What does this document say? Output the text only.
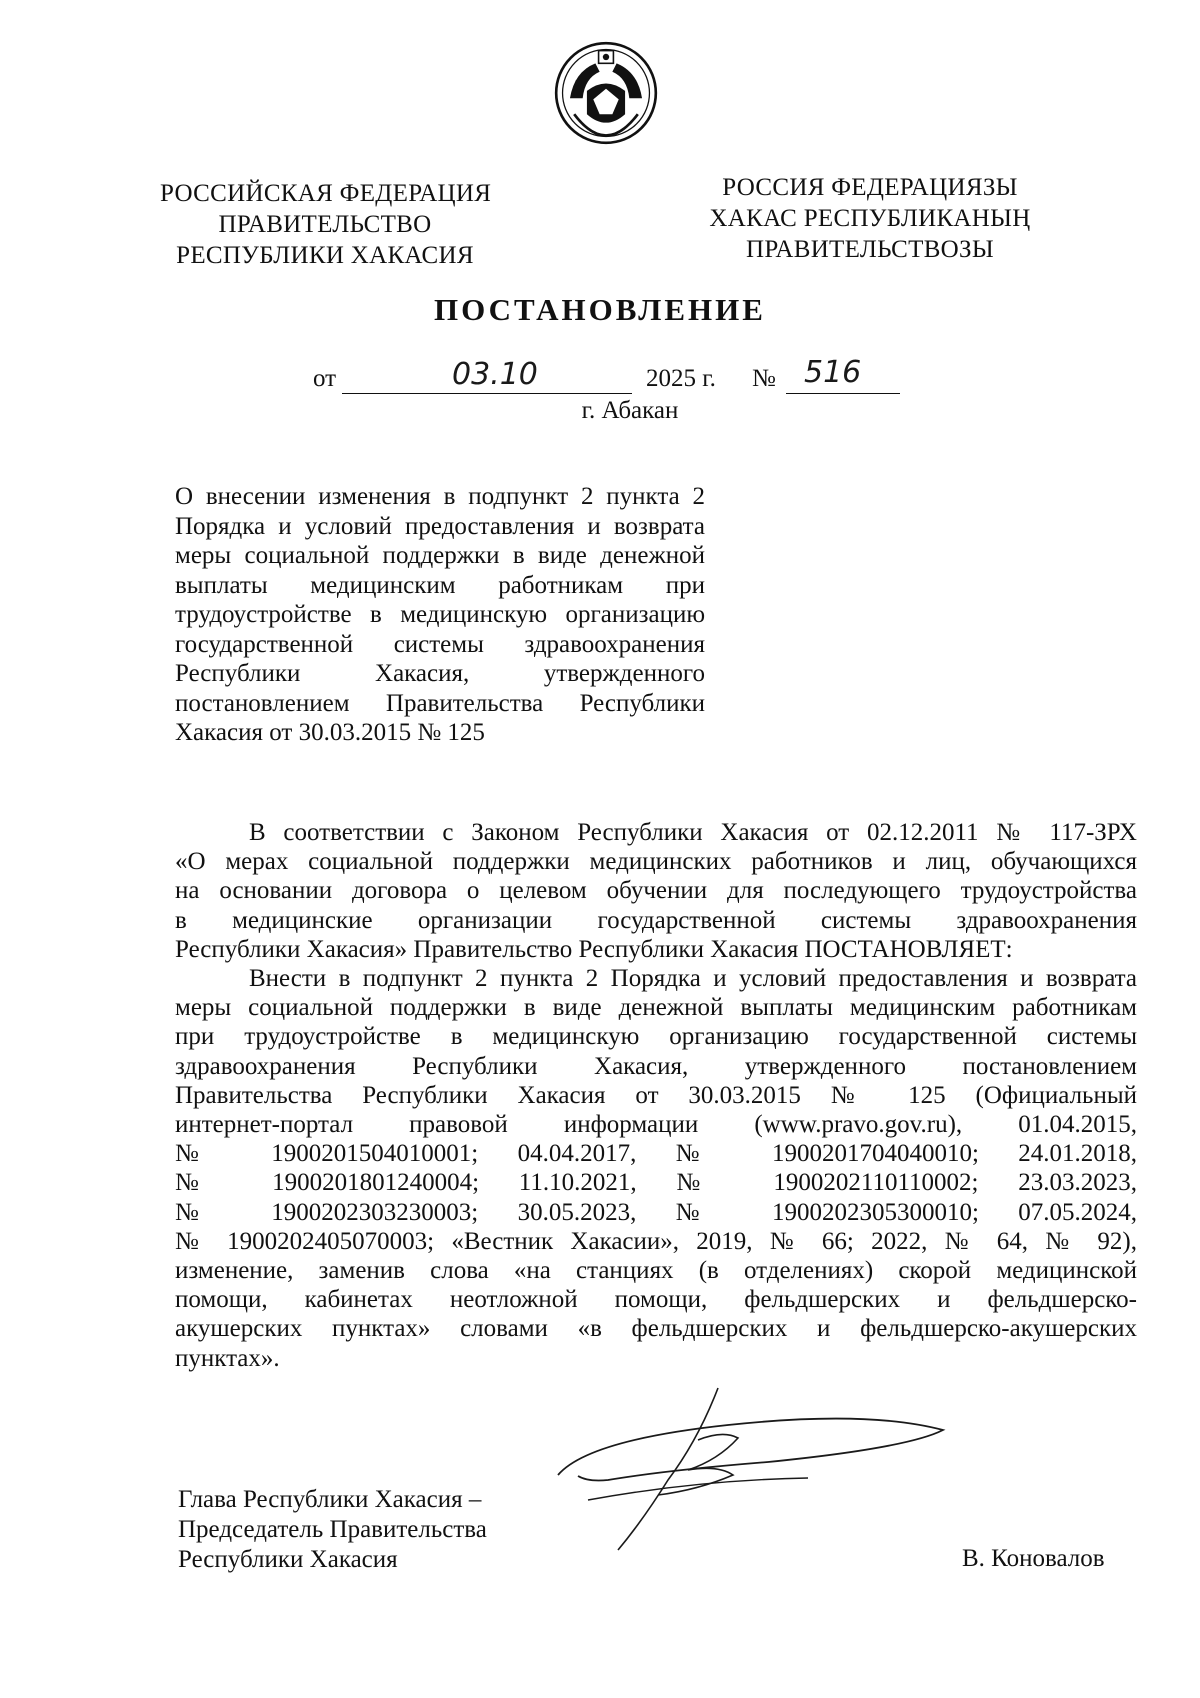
РОССИЙСКАЯ ФЕДЕРАЦИЯ
ПРАВИТЕЛЬСТВО
РЕСПУБЛИКИ ХАКАСИЯ
РОССИЯ ФЕДЕРАЦИЯЗЫ
ХАКАС РЕСПУБЛИКАНЫҢ
ПРАВИТЕЛЬСТВОЗЫ
ПОСТАНОВЛЕНИЕ
от	03.10	2025 г. № 516
г. Абакан
О внесении изменения в подпункт 2 пункта 2
Порядка и условий предоставления и возврата
меры социальной поддержки в виде денежной
выплаты медицинским работникам при
трудоустройстве в медицинскую организацию
государственной системы здравоохранения
Республики Хакасия, утвержденного
постановлением Правительства Республики
Хакасия от 30.03.2015 № 125
В соответствии с Законом Республики Хакасия от 02.12.2011 № 117-ЗРХ
«О мерах социальной поддержки медицинских работников и лиц, обучающихся
на основании договора о целевом обучении для последующего трудоустройства
в медицинские организации государственной системы здравоохранения
Республики Хакасия» Правительство Республики Хакасия ПОСТАНОВЛЯЕТ:
Внести в подпункт 2 пункта 2 Порядка и условий предоставления и возврата
меры социальной поддержки в виде денежной выплаты медицинским работникам
при трудоустройстве в медицинскую организацию государственной системы
здравоохранения Республики Хакасия, утвержденного постановлением
Правительства Республики Хакасия от 30.03.2015 № 125 (Официальный
интернет-портал правовой информации (www.pravo.gov.ru), 01.04.2015,
№ 1900201504010001; 04.04.2017, № 1900201704040010; 24.01.2018,
№ 1900201801240004; 11.10.2021, № 1900202110110002; 23.03.2023,
№ 1900202303230003; 30.05.2023, № 1900202305300010; 07.05.2024,
№ 1900202405070003; «Вестник Хакасии», 2019, № 66; 2022, № 64, № 92),
изменение, заменив слова «на станциях (в отделениях) скорой медицинской
помощи, кабинетах неотложной помощи, фельдшерских и фельдшерско-
акушерских пунктах» словами «в фельдшерских и фельдшерско-акушерских
пунктах».
Глава Республики Хакасия –
Председатель Правительства
Республики Хакасия	В. Коновалов
